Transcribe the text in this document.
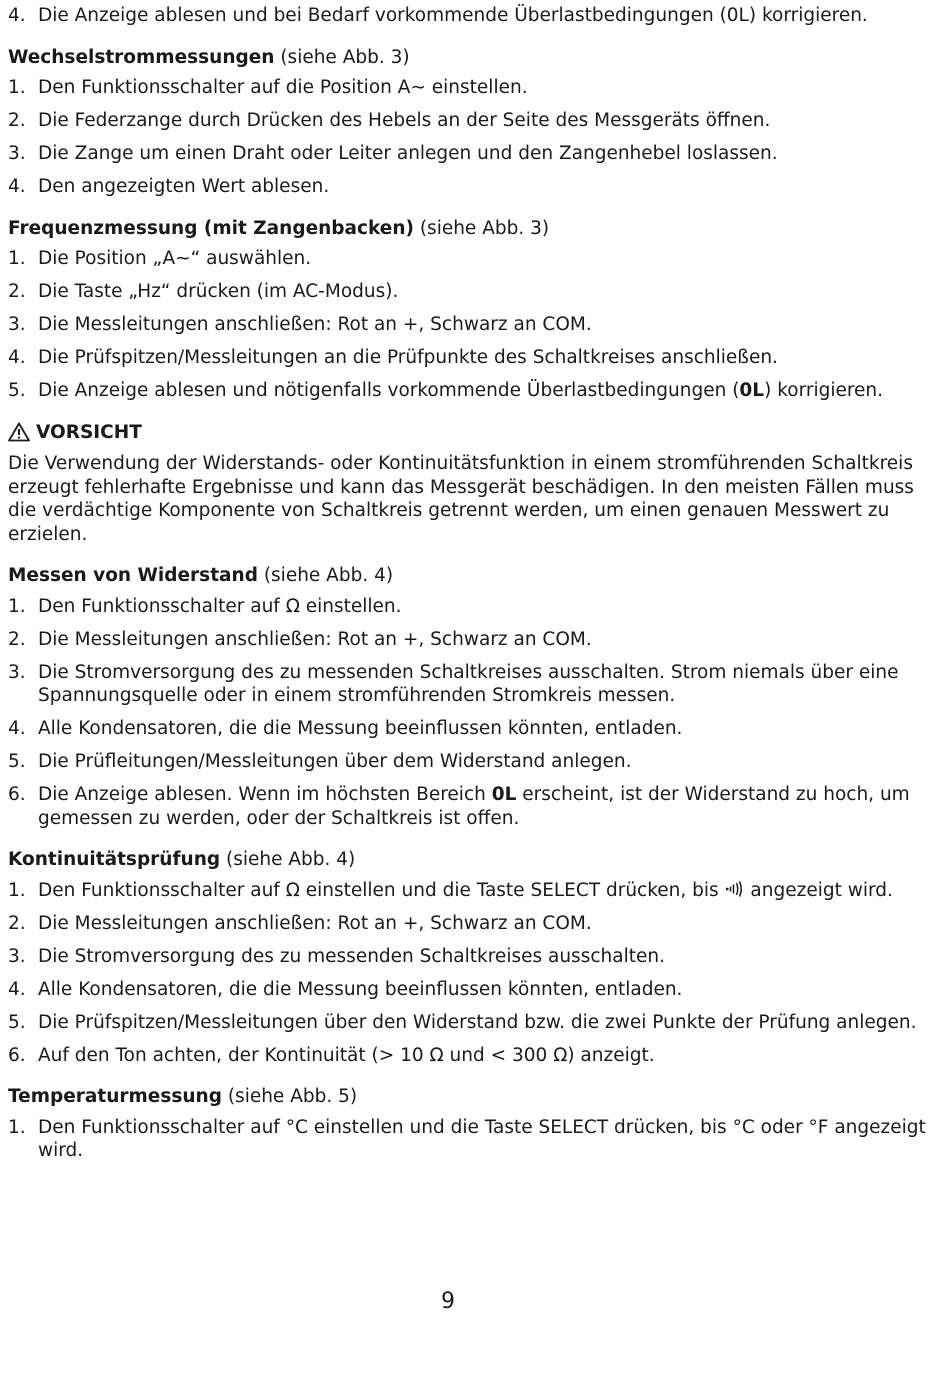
4. Die Anzeige ablesen und bei Bedarf vorkommende Überlastbedingungen (0L) korrigieren.
Wechselstrommessungen (siehe Abb. 3)
1. Den Funktionsschalter auf die Position A∼ einstellen.
2. Die Federzange durch Drücken des Hebels an der Seite des Messgeräts öffnen.
3. Die Zange um einen Draht oder Leiter anlegen und den Zangenhebel loslassen.
4. Den angezeigten Wert ablesen.
Frequenzmessung (mit Zangenbacken) (siehe Abb. 3)
1. Die Position „A∼“ auswählen.
2. Die Taste „Hz“ drücken (im AC-Modus).
3. Die Messleitungen anschließen: Rot an +, Schwarz an COM.
4. Die Prüfspitzen/Messleitungen an die Prüfpunkte des Schaltkreises anschließen.
5. Die Anzeige ablesen und nötigenfalls vorkommende Überlastbedingungen (0L) korrigieren.
VORSICHT

Die Verwendung der Widerstands- oder Kontinuitätsfunktion in einem stromführenden Schaltkreis erzeugt fehlerhafte Ergebnisse und kann das Messgerät beschädigen. In den meisten Fällen muss die verdächtige Komponente von Schaltkreis getrennt werden, um einen genauen Messwert zu erzielen.

Messen von Widerstand (siehe Abb. 4)
1. Den Funktionsschalter auf Ω einstellen.
2. Die Messleitungen anschließen: Rot an +, Schwarz an COM.
3. Die Stromversorgung des zu messenden Schaltkreises ausschalten. Strom niemals über eine Spannungsquelle oder in einem stromführenden Stromkreis messen.
4. Alle Kondensatoren, die die Messung beeinflussen könnten, entladen.
5. Die Prüfleitungen/Messleitungen über dem Widerstand anlegen.
6. Die Anzeige ablesen. Wenn im höchsten Bereich 0L erscheint, ist der Widerstand zu hoch, um gemessen zu werden, oder der Schaltkreis ist offen.
Kontinuitätsprüfung (siehe Abb. 4)
1. Den Funktionsschalter auf Ω einstellen und die Taste SELECT drücken, bis  angezeigt wird.
2. Die Messleitungen anschließen: Rot an +, Schwarz an COM.
3. Die Stromversorgung des zu messenden Schaltkreises ausschalten.
4. Alle Kondensatoren, die die Messung beeinflussen könnten, entladen.
5. Die Prüfspitzen/Messleitungen über den Widerstand bzw. die zwei Punkte der Prüfung anlegen.
6. Auf den Ton achten, der Kontinuität (> 10 Ω und < 300 Ω) anzeigt.
Temperaturmessung (siehe Abb. 5)
1. Den Funktionsschalter auf °C einstellen und die Taste SELECT drücken, bis °C oder °F angezeigt wird.
9
